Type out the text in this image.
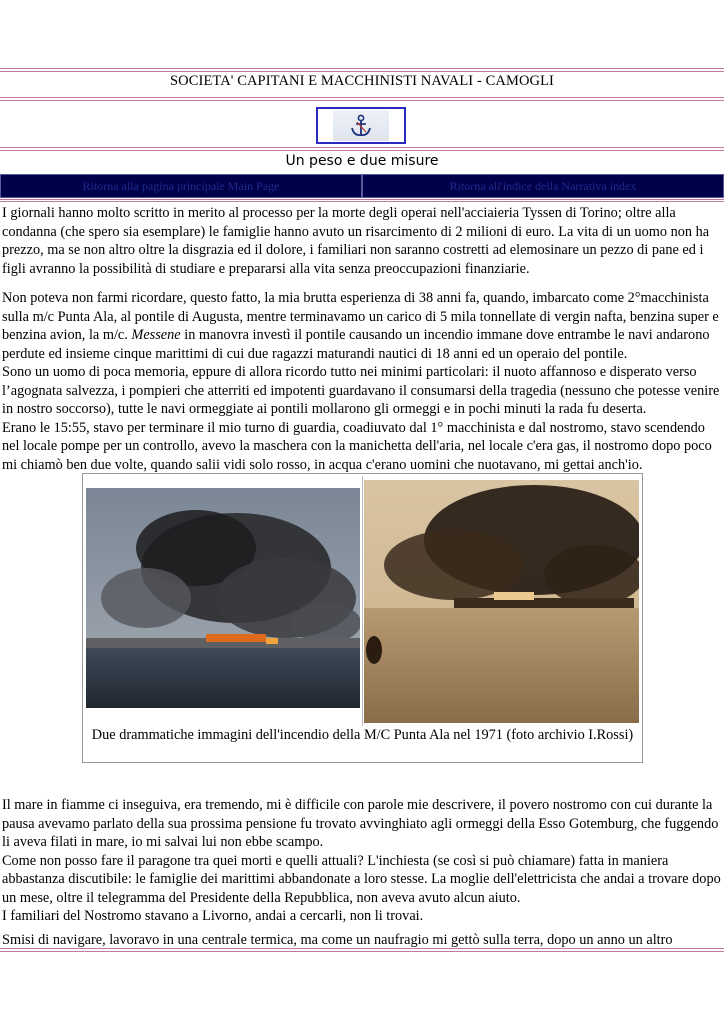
SOCIETA' CAPITANI E MACCHINISTI NAVALI - CAMOGLI
Un peso e due misure
Ritorna alla pagina principale Main Page	Ritorna all'indice della Narrativa index

I giornali hanno molto scritto in merito al processo per la morte degli operai nell'acciaieria Tyssen di Torino; oltre alla condanna (che spero sia esemplare) le famiglie hanno avuto un risarcimento di 2 milioni di euro. La vita di un uomo non ha prezzo, ma se non altro oltre la disgrazia ed il dolore, i familiari non saranno costretti ad elemosinare un pezzo di pane ed i figli avranno la possibilità di studiare e prepararsi alla vita senza preoccupazioni finanziarie.

Non poteva non farmi ricordare, questo fatto, la mia brutta esperienza di 38 anni fa, quando, imbarcato come 2°macchinista sulla m/c Punta Ala, al pontile di Augusta, mentre terminavamo un carico di 5 mila tonnellate di vergin nafta, benzina super e benzina avion, la m/c. Messene in manovra investì il pontile causando un incendio immane dove entrambe le navi andarono perdute ed insieme cinque marittimi di cui due ragazzi maturandi nautici di 18 anni ed un operaio del pontile.
Sono un uomo di poca memoria, eppure di allora ricordo tutto nei minimi particolari: il nuoto affannoso e disperato verso l’agognata salvezza, i pompieri che atterriti ed impotenti guardavano il consumarsi della tragedia (nessuno che potesse venire in nostro soccorso), tutte le navi ormeggiate ai pontili mollarono gli ormeggi e in pochi minuti la rada fu deserta.
Erano le 15:55, stavo per terminare il mio turno di guardia, coadiuvato dal 1° macchinista e dal nostromo, stavo scendendo nel locale pompe per un controllo, avevo la maschera con la manichetta dell'aria, nel locale c'era gas, il nostromo dopo poco mi chiamò ben due volte, quando salii vidi solo rosso, in acqua c'erano uomini che nuotavano, mi gettai anch'io.
Due drammatiche immagini dell'incendio della M/C Punta Ala nel 1971 (foto archivio I.Rossi)
Il mare in fiamme ci inseguiva, era tremendo, mi è difficile con parole mie descrivere, il povero nostromo con cui durante la pausa avevamo parlato della sua prossima pensione fu trovato avvinghiato agli ormeggi della Esso Gotemburg, che fuggendo li aveva filati in mare, io mi salvai lui non ebbe scampo.
Come non posso fare il paragone tra quei morti e quelli attuali? L'inchiesta (se così si può chiamare) fatta in maniera abbastanza discutibile: le famiglie dei marittimi abbandonate a loro stesse. La moglie dell'elettricista che andai a trovare dopo un mese, oltre il telegramma del Presidente della Repubblica, non aveva avuto alcun aiuto.
I familiari del Nostromo stavano a Livorno, andai a cercarli, non li trovai.

Smisi di navigare, lavoravo in una centrale termica, ma come un naufragio mi gettò sulla terra, dopo un anno un altro
